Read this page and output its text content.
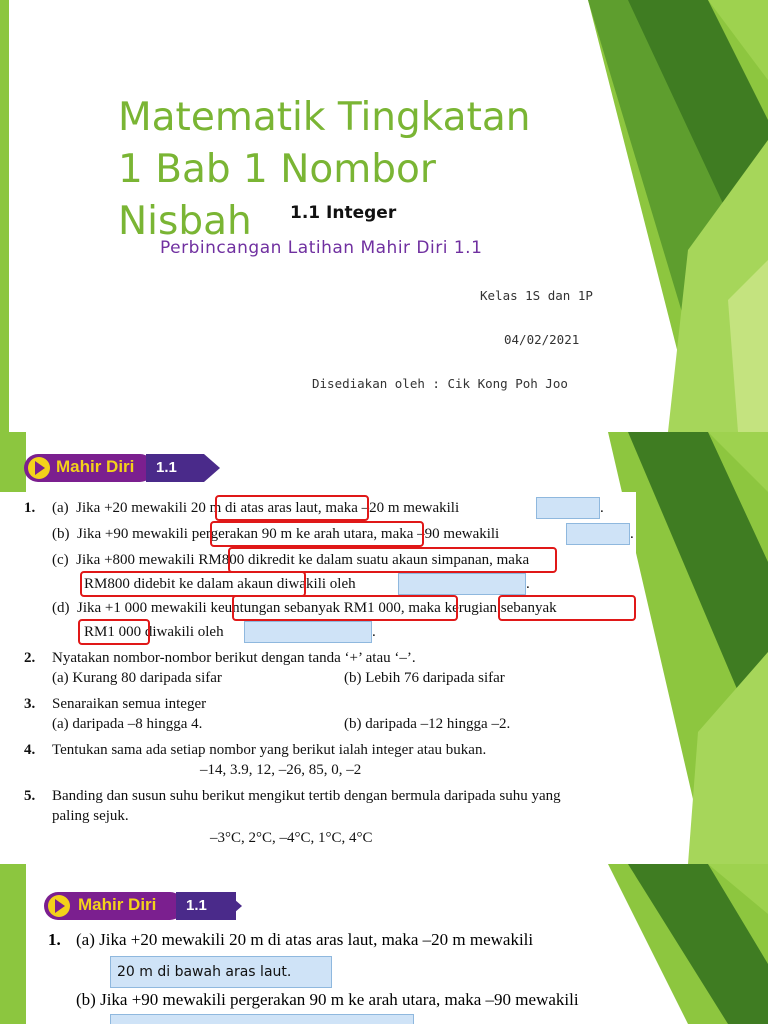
Matematik Tingkatan 1 Bab 1 Nombor Nisbah	1.1 Integer
Perbincangan Latihan Mahir Diri 1.1
Kelas 1S dan 1P
04/02/2021
Disediakan oleh : Cik Kong Poh Joo
Mahir Diri	1.1
1. (a) Jika +20 mewakili 20 m di atas aras laut, maka –20 m mewakili	.
(b) Jika +90 mewakili pergerakan 90 m ke arah utara, maka –90 mewakili	.
(c) Jika +800 mewakili RM800 dikredit ke dalam suatu akaun simpanan, maka
RM800 didebit ke dalam akaun diwakili oleh	.
(d) Jika +1 000 mewakili keuntungan sebanyak RM1 000, maka kerugian sebanyak
RM1 000 diwakili oleh	.
2. Nyatakan nombor-nombor berikut dengan tanda ‘+’ atau ‘–’.
(a) Kurang 80 daripada sifar	(b) Lebih 76 daripada sifar
3. Senaraikan semua integer
(a) daripada –8 hingga 4.	(b) daripada –12 hingga –2.
4. Tentukan sama ada setiap nombor yang berikut ialah integer atau bukan.
–14, 3.9, 12, –26, 85, 0, –2
5. Banding dan susun suhu berikut mengikut tertib dengan bermula daripada suhu yang
paling sejuk.
–3°C, 2°C, –4°C, 1°C, 4°C
Mahir Diri	1.1
1. (a) Jika +20 mewakili 20 m di atas aras laut, maka –20 m mewakili
20 m di bawah aras laut.
(b) Jika +90 mewakili pergerakan 90 m ke arah utara, maka –90 mewakili
